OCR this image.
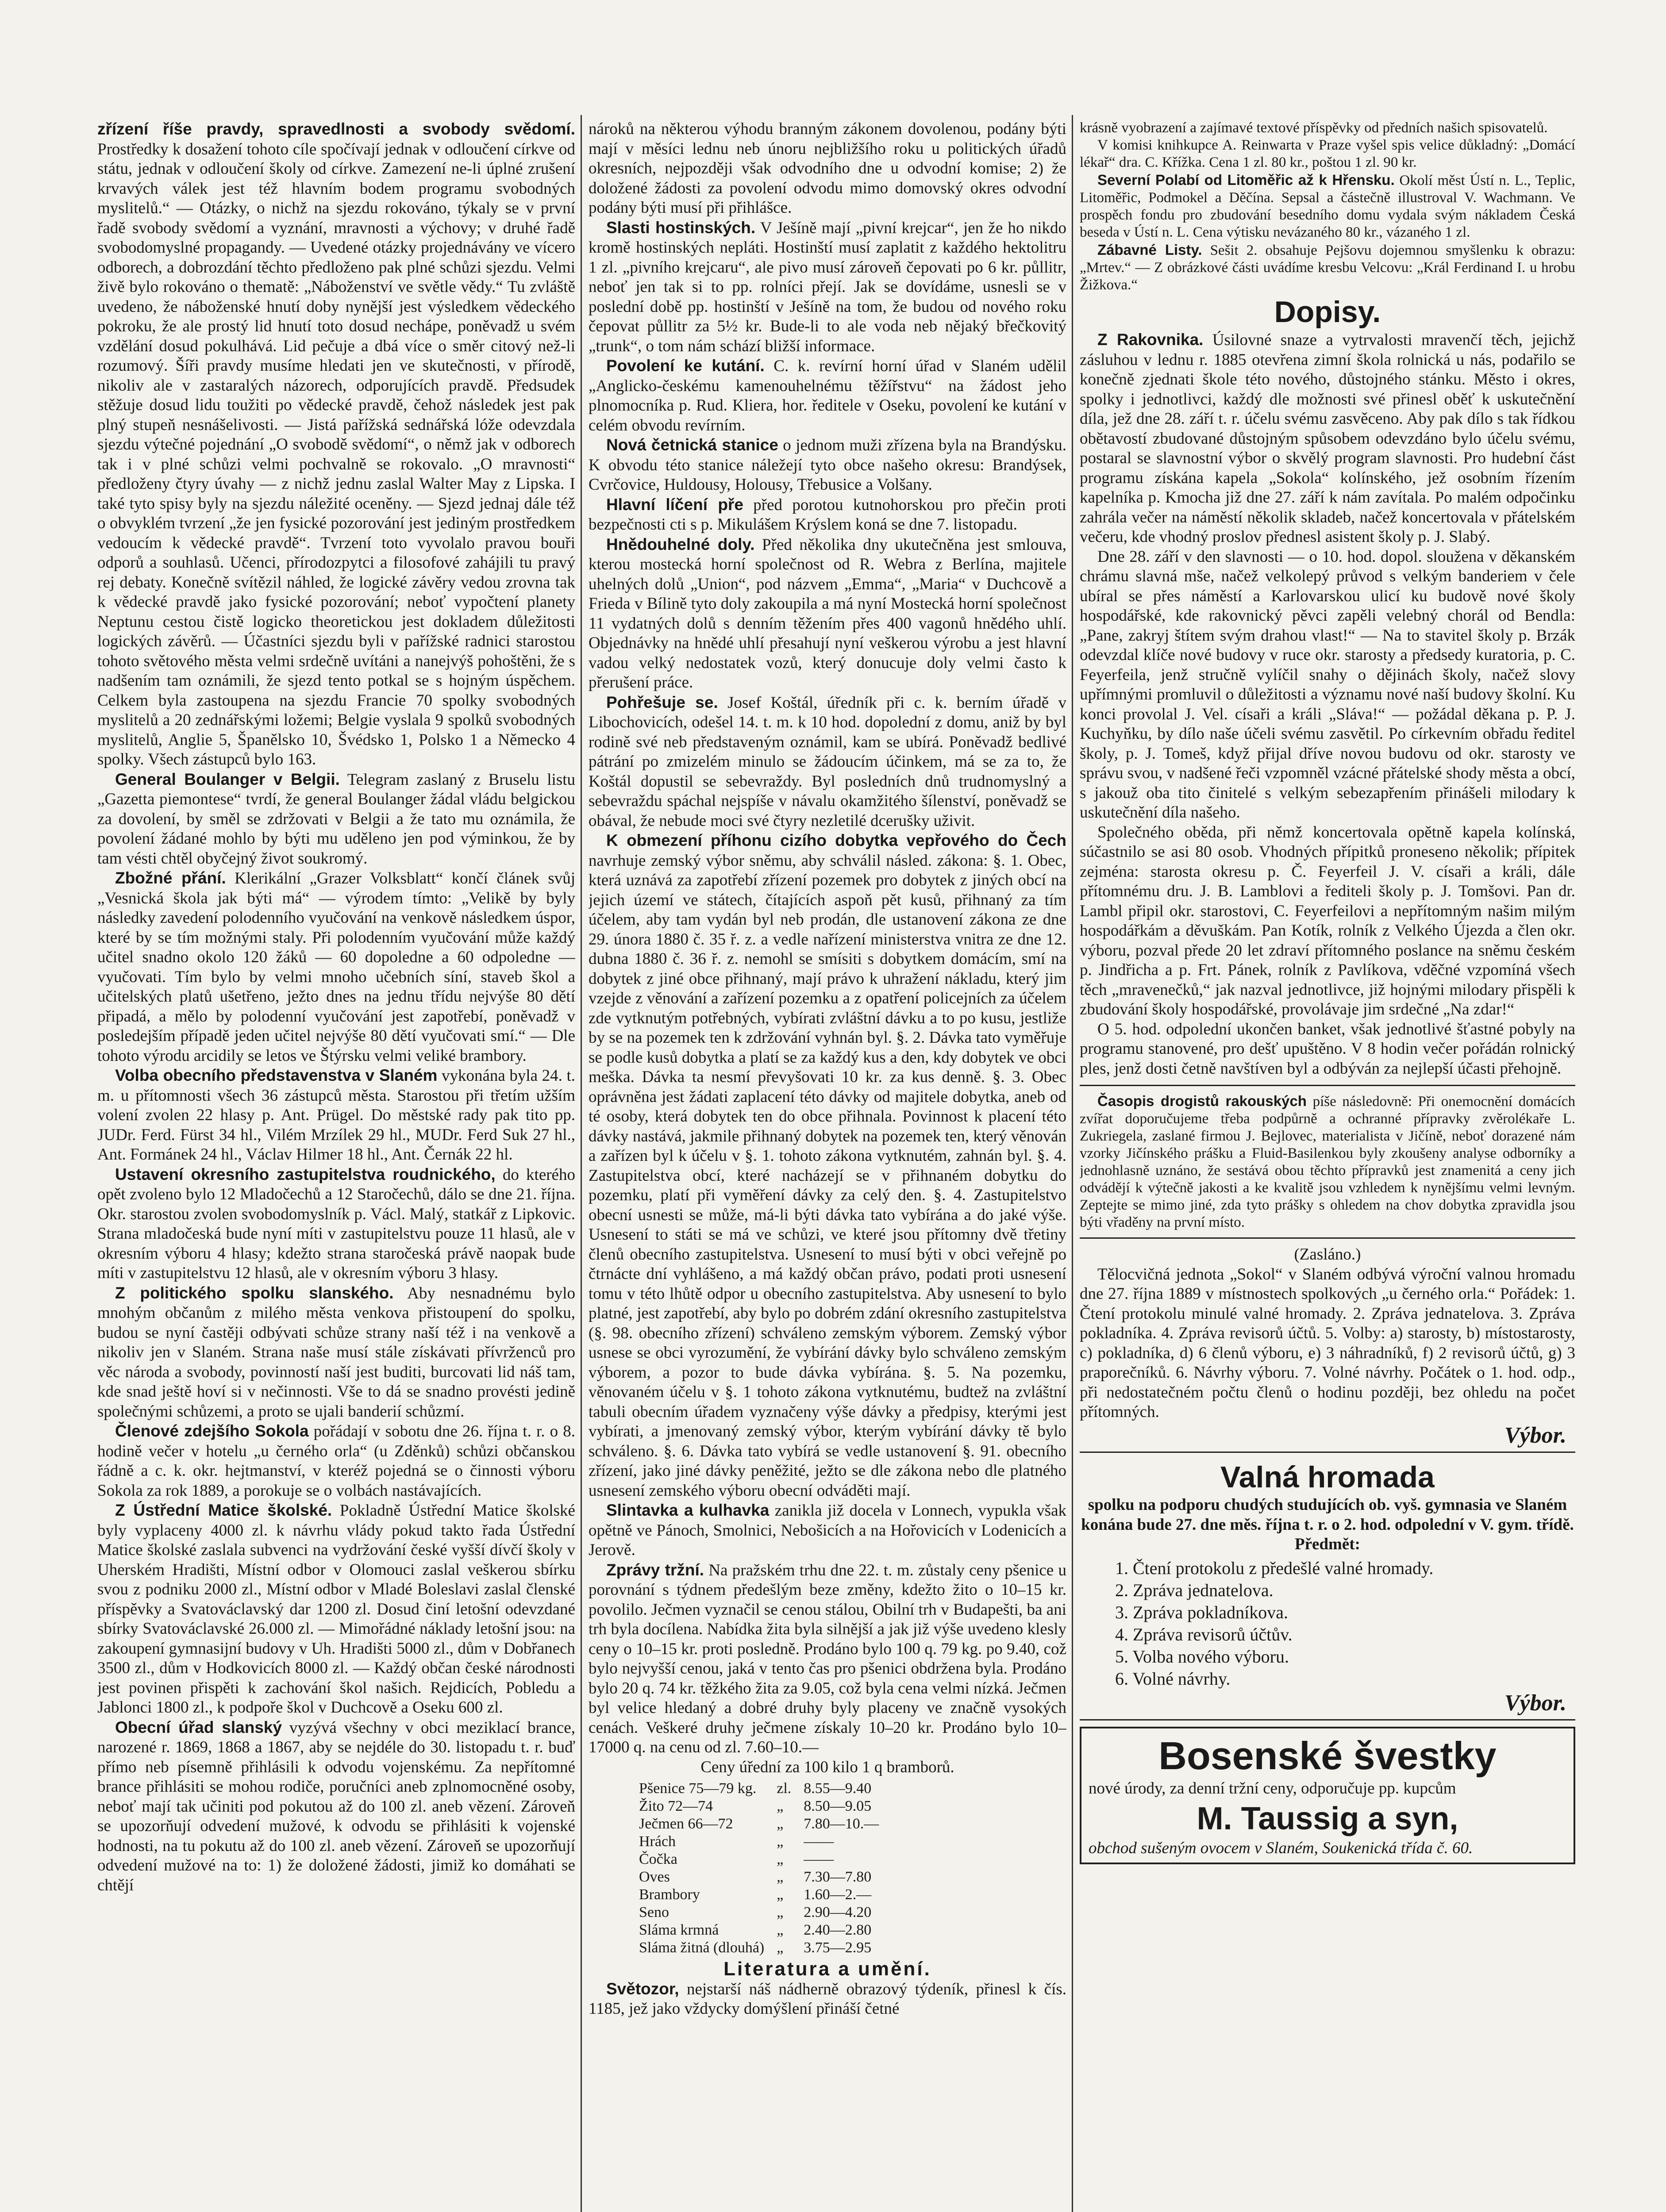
zřízení říše pravdy, spravedlnosti a svobody svědomí. Prostředky k dosažení tohoto cíle spočívají jednak v odloučení církve od státu, jednak v odloučení školy od církve. Zamezení ne-li úplné zrušení krvavých válek jest též hlavním bodem programu svobodných myslitelů.“ — Otázky, o nichž na sjezdu rokováno, týkaly se v první řadě svobody svědomí a vyznání, mravnosti a výchovy; v druhé řadě svobodomyslné propagandy. — Uvedené otázky projednávány ve vícero odborech, a dobrozdání těchto předloženo pak plné schůzi sjezdu. Velmi živě bylo rokováno o thematě: „Náboženství ve světle vědy.“ Tu zvláště uvedeno, že náboženské hnutí doby nynější jest výsledkem vědeckého pokroku, že ale prostý lid hnutí toto dosud nechápe, poněvadž u svém vzdělání dosud pokulhává. Lid pečuje a dbá více o směr citový než-li rozumový. Šíři pravdy musíme hledati jen ve skutečnosti, v přírodě, nikoliv ale v zastaralých názorech, odporujících pravdě. Předsudek stěžuje dosud lidu toužiti po vědecké pravdě, čehož následek jest pak plný stupeň nesnášelivosti. — Jistá pařížská sednářská lóže odevzdala sjezdu výtečné pojednání „O svobodě svědomí“, o němž jak v odborech tak i v plné schůzi velmi pochvalně se rokovalo. „O mravnosti“ předloženy čtyry úvahy — z nichž jednu zaslal Walter May z Lipska. I také tyto spisy byly na sjezdu náležité oceněny. — Sjezd jednaj dále též o obvyklém tvrzení „že jen fysické pozorování jest jediným prostředkem vedoucím k vědecké pravdě“. Tvrzení toto vyvolalo pravou bouři odporů a souhlasů. Učenci, přírodozpytci a filosofové zahájili tu pravý rej debaty. Konečně svítězil náhled, že logické závěry vedou zrovna tak k vědecké pravdě jako fysické pozorování; neboť vypočtení planety Neptunu cestou čistě logicko theoretickou jest dokladem důležitosti logických závěrů. — Účastníci sjezdu byli v pařížské radnici starostou tohoto světového města velmi srdečně uvítáni a nanejvýš pohoštěni, že s nadšením tam oznámili, že sjezd tento potkal se s hojným úspěchem. Celkem byla zastoupena na sjezdu Francie 70 spolky svobodných myslitelů a 20 zednářskými ložemi; Belgie vyslala 9 spolků svobodných myslitelů, Anglie 5, Španělsko 10, Švédsko 1, Polsko 1 a Německo 4 spolky. Všech zástupců bylo 163.

General Boulanger v Belgii. Telegram zaslaný z Bruselu listu „Gazetta piemontese“ tvrdí, že general Boulanger žádal vládu belgickou za dovolení, by směl se zdržovati v Belgii a že tato mu oznámila, že povolení žádané mohlo by býti mu uděleno jen pod výminkou, že by tam vésti chtěl obyčejný život soukromý.

Zbožné přání. Klerikální „Grazer Volksblatt“ končí článek svůj „Vesnická škola jak býti má“ — výrodem tímto: „Velikě by byly následky zavedení polodenního vyučování na venkově následkem úspor, které by se tím možnými staly. Při polodenním vyučování může každý učitel snadno okolo 120 žáků — 60 dopoledne a 60 odpoledne — vyučovati. Tím bylo by velmi mnoho učebních síní, staveb škol a učitelských platů ušetřeno, ježto dnes na jednu třídu nejvýše 80 dětí připadá, a mělo by polodenní vyučování jest zapotřebí, poněvadž v posledejším případě jeden učitel nejvýše 80 dětí vyučovati smí.“ — Dle tohoto výrodu arcidily se letos ve Štýrsku velmi veliké brambory.

Volba obecního představenstva v Slaném vykonána byla 24. t. m. u přítomnosti všech 36 zástupců města. Starostou při třetím užším volení zvolen 22 hlasy p. Ant. Prügel. Do městské rady pak tito pp. JUDr. Ferd. Fürst 34 hl., Vilém Mrzílek 29 hl., MUDr. Ferd Suk 27 hl., Ant. Formánek 24 hl., Václav Hilmer 18 hl., Ant. Černák 22 hl.

Ustavení okresního zastupitelstva roudnického, do kterého opět zvoleno bylo 12 Mladočechů a 12 Staročechů, dálo se dne 21. října. Okr. starostou zvolen svobodomyslník p. Václ. Malý, statkář z Lipkovic. Strana mladočeská bude nyní míti v zastupitelstvu pouze 11 hlasů, ale v okresním výboru 4 hlasy; kdežto strana staročeská právě naopak bude míti v zastupitelstvu 12 hlasů, ale v okresním výboru 3 hlasy.

Z politického spolku slanského. Aby nesnadnému bylo mnohým občanům z milého města venkova přistoupení do spolku, budou se nyní častěji odbývati schůze strany naší též i na venkově a nikoliv jen v Slaném. Strana naše musí stále získávati přívrženců pro věc národa a svobody, povinností naší jest buditi, burcovati lid náš tam, kde snad ještě hoví si v nečinnosti. Vše to dá se snadno provésti jedině společnými schůzemi, a proto se ujali banderií schůzmí.

Členové zdejšího Sokola pořádají v sobotu dne 26. října t. r. o 8. hodině večer v hotelu „u černého orla“ (u Zděnků) schůzi občanskou řádně a c. k. okr. hejtmanství, v kteréž pojedná se o činnosti výboru Sokola za rok 1889, a porokuje se o volbách nastávajících.

Z Ústřední Matice školské. Pokladně Ústřední Matice školské byly vyplaceny 4000 zl. k návrhu vlády pokud takto řada Ústřední Matice školské zaslala subvenci na vydržování české vyšší dívčí školy v Uherském Hradišti, Místní odbor v Olomouci zaslal veškerou sbírku svou z podniku 2000 zl., Místní odbor v Mladé Boleslavi zaslal členské příspěvky a Svatováclavský dar 1200 zl. Dosud činí letošní odevzdané sbírky Svatováclavské 26.000 zl. — Mimořádné náklady letošní jsou: na zakoupení gymnasijní budovy v Uh. Hradišti 5000 zl., dům v Dobřanech 3500 zl., dům v Hodkovicích 8000 zl. — Každý občan české národnosti jest povinen přispěti k zachování škol našich. Rejdicích, Pobledu a Jablonci 1800 zl., k podpoře škol v Duchcově a Oseku 600 zl.

Obecní úřad slanský vyzývá všechny v obci meziklací brance, narozené r. 1869, 1868 a 1867, aby se nejdéle do 30. listopadu t. r. buď přímo neb písemně přihlásili k odvodu vojenskému. Za nepřítomné brance přihlásiti se mohou rodiče, poručníci aneb zplnomocněné osoby, neboť mají tak učiniti pod pokutou až do 100 zl. aneb vězení. Zároveň se upozorňují odvedení mužové, k odvodu se přihlásiti k vojenské hodnosti, na tu pokutu až do 100 zl. aneb vězení. Zároveň se upozorňují odvedení mužové na to: 1) že doložené žádosti, jimiž ko domáhati se chtějí

nároků na některou výhodu branným zákonem dovolenou, podány býti mají v měsíci lednu neb únoru nejbližšího roku u politických úřadů okresních, nejpozději však odvodního dne u odvodní komise; 2) že doložené žádosti za povolení odvodu mimo domovský okres odvodní podány býti musí při přihlášce.

Slasti hostinských. V Ješíně mají „pivní krejcar“, jen že ho nikdo kromě hostinských nepláti. Hostinští musí zaplatit z každého hektolitru 1 zl. „pivního krejcaru“, ale pivo musí zároveň čepovati po 6 kr. půllitr, neboť jen tak si to pp. rolníci přejí. Jak se dovídáme, usnesli se v poslední době pp. hostinští v Ješíně na tom, že budou od nového roku čepovat půllitr za 5½ kr. Bude-li to ale voda neb nějaký břečkovitý „trunk“, o tom nám schází bližší informace.

Povolení ke kutání. C. k. revírní horní úřad v Slaném udělil „Anglicko-českému kamenouhelnému těžířstvu“ na žádost jeho plnomocníka p. Rud. Kliera, hor. ředitele v Oseku, povolení ke kutání v celém obvodu revírním.

Nová četnická stanice o jednom muži zřízena byla na Brandýsku. K obvodu této stanice náležejí tyto obce našeho okresu: Brandýsek, Cvrčovice, Huldousy, Holousy, Třebusice a Volšany.

Hlavní líčení pře před porotou kutnohorskou pro přečin proti bezpečnosti cti s p. Mikulášem Krýslem koná se dne 7. listopadu.

Hnědouhelné doly. Před několika dny ukutečněna jest smlouva, kterou mostecká horní společnost od R. Webra z Berlína, majitele uhelných dolů „Union“, pod názvem „Emma“, „Maria“ v Duchcově a Frieda v Bílině tyto doly zakoupila a má nyní Mostecká horní společnost 11 vydatných dolů s denním těžením přes 400 vagonů hnědého uhlí. Objednávky na hnědé uhlí přesahují nyní veškerou výrobu a jest hlavní vadou velký nedostatek vozů, který donucuje doly velmi často k přerušení práce.

Pohřešuje se. Josef Koštál, úředník při c. k. berním úřadě v Libochovicích, odešel 14. t. m. k 10 hod. dopolední z domu, aniž by byl rodině své neb představeným oznámil, kam se ubírá. Poněvadž bedlivé pátrání po zmizelém minulo se žádoucím účinkem, má se za to, že Koštál dopustil se sebevraždy. Byl posledních dnů trudnomyslný a sebevraždu spáchal nejspíše v návalu okamžitého šílenství, poněvadž se obával, že nebude moci své čtyry nezletilé dcerušky uživit.

K obmezení příhonu cizího dobytka vepřového do Čech navrhuje zemský výbor sněmu, aby schválil násled. zákona: §. 1. Obec, která uznává za zapotřebí zřízení pozemek pro dobytek z jiných obcí na jejich území ve státech, čítajících aspoň pět kusů, přihnaný za tím účelem, aby tam vydán byl neb prodán, dle ustanovení zákona ze dne 29. února 1880 č. 35 ř. z. a vedle nařízení ministerstva vnitra ze dne 12. dubna 1880 č. 36 ř. z. nemohl se smísiti s dobytkem domácím, smí na dobytek z jiné obce přihnaný, mají právo k uhražení nákladu, který jim vzejde z věnování a zařízení pozemku a z opatření policejních za účelem zde vytknutým potřebných, vybírati zvláštní dávku a to po kusu, jestliže by se na pozemek ten k zdržování vyhnán byl. §. 2. Dávka tato vyměřuje se podle kusů dobytka a platí se za každý kus a den, kdy dobytek ve obci meška. Dávka ta nesmí převyšovati 10 kr. za kus denně. §. 3. Obec oprávněna jest žádati zaplacení této dávky od majitele dobytka, aneb od té osoby, která dobytek ten do obce přihnala. Povinnost k placení této dávky nastává, jakmile přihnaný dobytek na pozemek ten, který věnován a zařízen byl k účelu v §. 1. tohoto zákona vytknutém, zahnán byl. §. 4. Zastupitelstva obcí, které nacházejí se v přihnaném dobytku do pozemku, platí při vyměření dávky za celý den. §. 4. Zastupitelstvo obecní usnesti se může, má-li býti dávka tato vybírána a do jaké výše. Usnesení to státi se má ve schůzi, ve které jsou přítomny dvě třetiny členů obecního zastupitelstva. Usnesení to musí býti v obci veřejně po čtrnácte dní vyhlášeno, a má každý občan právo, podati proti usnesení tomu v této lhůtě odpor u obecního zastupitelstva. Aby usnesení to bylo platné, jest zapotřebí, aby bylo po dobrém zdání okresního zastupitelstva (§. 98. obecního zřízení) schváleno zemským výborem. Zemský výbor usnese se obci vyrozumění, že vybírání dávky bylo schváleno zemským výborem, a pozor to bude dávka vybírána. §. 5. Na pozemku, věnovaném účelu v §. 1 tohoto zákona vytknutému, budtež na zvláštní tabuli obecním úřadem vyznačeny výše dávky a předpisy, kterými jest vybírati, a jmenovaný zemský výbor, kterým vybírání dávky tě bylo schváleno. §. 6. Dávka tato vybírá se vedle ustanovení §. 91. obecního zřízení, jako jiné dávky peněžité, ježto se dle zákona nebo dle platného usnesení zemského výboru obecní odváděti mají.

Slintavka a kulhavka zanikla již docela v Lonnech, vypukla však opětně ve Pánoch, Smolnici, Nebošicích a na Hořovicích v Lodenicích a Jerově.

Zprávy tržní. Na pražském trhu dne 22. t. m. zůstaly ceny pšenice u porovnání s týdnem předešlým beze změny, kdežto žito o 10–15 kr. povolilo. Ječmen vyznačil se cenou stálou, Obilní trh v Budapešti, ba ani trh byla docílena. Nabídka žita byla silnější a jak již výše uvedeno klesly ceny o 10–15 kr. proti posledně. Prodáno bylo 100 q. 79 kg. po 9.40, což bylo nejvyšší cenou, jaká v tento čas pro pšenici obdržena byla. Prodáno bylo 20 q. 74 kr. těžkého žita za 9.05, což byla cena velmi nízká. Ječmen byl velice hledaný a dobré druhy byly placeny ve značně vysokých cenách. Veškeré druhy ječmene získaly 10–20 kr. Prodáno bylo 10–17000 q. na cenu od zl. 7.60–10.—

Ceny úřední za 100 kilo 1 q bramborů.

Pšenice 75—79 kg.	zl.	8.55—9.40
Žito 72—74	„	8.50—9.05
Ječmen 66—72	„	7.80—10.—
Hrách	„	——
Čočka	„	——
Oves	„	7.30—7.80
Brambory	„	1.60—2.—
Seno	„	2.90—4.20
Sláma krmná	„	2.40—2.80
Sláma žitná (dlouhá)	„	3.75—2.95
Literatura a umění.

Světozor, nejstarší náš nádherně obrazový týdeník, přinesl k čís. 1185, jež jako vždycky domýšlení přináší četné

krásně vyobrazení a zajímavé textové příspěvky od předních našich spisovatelů.

V komisi knihkupce A. Reinwarta v Praze vyšel spis velice důkladný: „Domácí lékař“ dra. C. Křížka. Cena 1 zl. 80 kr., poštou 1 zl. 90 kr.

Severní Polabí od Litoměřic až k Hřensku. Okolí měst Ústí n. L., Teplic, Litoměřic, Podmokel a Děčína. Sepsal a částečně illustroval V. Wachmann. Ve prospěch fondu pro zbudování besedního domu vydala svým nákladem Česká beseda v Ústí n. L. Cena výtisku nevázaného 80 kr., vázaného 1 zl.

Zábavné Listy. Sešit 2. obsahuje Pejšovu dojemnou smyšlenku k obrazu: „Mrtev.“ — Z obrázkové části uvádíme kresbu Velcovu: „Král Ferdinand I. u hrobu Žižkova.“

Dopisy.

Z Rakovnika. Úsilovné snaze a vytrvalosti mravenčí těch, jejichž zásluhou v lednu r. 1885 otevřena zimní škola rolnická u nás, podařilo se konečně zjednati škole této nového, důstojného stánku. Město i okres, spolky i jednotlivci, každý dle možnosti své přinesl oběť k uskutečnění díla, jež dne 28. září t. r. účelu svému zasvěceno. Aby pak dílo s tak řídkou obětavostí zbudované důstojným spůsobem odevzdáno bylo účelu svému, postaral se slavnostní výbor o skvělý program slavnosti. Pro hudební část programu získána kapela „Sokola“ kolínského, jež osobním řízením kapelníka p. Kmocha již dne 27. září k nám zavítala. Po malém odpočinku zahrála večer na náměstí několik skladeb, načež koncertovala v přátelském večeru, kde vhodný proslov přednesl asistent školy p. J. Slabý.

Dne 28. září v den slavnosti — o 10. hod. dopol. sloužena v děkanském chrámu slavná mše, načež velkolepý průvod s velkým banderiem v čele ubíral se přes náměstí a Karlovarskou ulicí ku budově nové školy hospodářské, kde rakovnický pěvci zapěli velebný chorál od Bendla: „Pane, zakryj štítem svým drahou vlast!“ — Na to stavitel školy p. Brzák odevzdal klíče nové budovy v ruce okr. starosty a předsedy kuratoria, p. C. Feyerfeila, jenž stručně vylíčil snahy o dějinách školy, načež slovy upřímnými promluvil o důležitosti a významu nové naší budovy školní. Ku konci provolal J. Vel. císaři a králi „Sláva!“ — požádal děkana p. P. J. Kuchyňku, by dílo naše účeli svému zasvětil. Po církevním obřadu ředitel školy, p. J. Tomeš, když přijal dříve novou budovu od okr. starosty ve správu svou, v nadšené řeči vzpomněl vzácné přátelské shody města a obcí, s jakouž oba tito činitelé s velkým sebezapřením přinášeli milodary k uskutečnění díla našeho.

Společného oběda, při němž koncertovala opětně kapela kolínská, súčastnilo se asi 80 osob. Vhodných přípitků proneseno několik; přípitek zejména: starosta okresu p. Č. Feyerfeil J. V. císaři a králi, dále přítomnému dru. J. B. Lamblovi a řediteli školy p. J. Tomšovi. Pan dr. Lambl připil okr. starostovi, C. Feyerfeilovi a nepřítomným našim milým hospodářkám a děvuškám. Pan Kotík, rolník z Velkého Újezda a člen okr. výboru, pozval přede 20 let zdraví přítomného poslance na sněmu českém p. Jindřicha a p. Frt. Pánek, rolník z Pavlíkova, vděčné vzpomíná všech těch „mravenečků,“ jak nazval jednotlivce, již hojnými milodary přispěli k zbudování školy hospodářské, provolávaje jim srdečné „Na zdar!“

O 5. hod. odpolední ukončen banket, však jednotlivé šťastné pobyly na programu stanovené, pro dešť upuštěno. V 8 hodin večer pořádán rolnický ples, jenž dosti četně navštíven byl a odbýván za nejlepší účasti přehojně.

Časopis drogistů rakouských píše následovně: Při onemocnění domácích zvířat doporučujeme třeba podpůrně a ochranné přípravky zvěrolékaře L. Zukriegela, zaslané firmou J. Bejlovec, materialista v Jičíně, neboť dorazené nám vzorky Jičínského prášku a Fluid-Basilenkou byly zkoušeny analyse odborníky a jednohlasně uznáno, že sestává obou těchto přípravků jest znamenitá a ceny jich odvádějí k výtečně jakosti a ke kvalitě jsou vzhledem k nynějšímu velmi levným. Zeptejte se mimo jiné, zda tyto prášky s ohledem na chov dobytka zpravidla jsou býti vřaděny na první místo.

(Zasláno.)

Tělocvičná jednota „Sokol“ v Slaném odbývá výroční valnou hromadu dne 27. října 1889 v místnostech spolkových „u černého orla.“ Pořádek: 1. Čtení protokolu minulé valné hromady. 2. Zpráva jednatelova. 3. Zpráva pokladníka. 4. Zpráva revisorů účtů. 5. Volby: a) starosty, b) místostarosty, c) pokladníka, d) 6 členů výboru, e) 3 náhradníků, f) 2 revisorů účtů, g) 3 praporečníků. 6. Návrhy výboru. 7. Volné návrhy. Počátek o 1. hod. odp., při nedostatečném počtu členů o hodinu později, bez ohledu na počet přítomných.

Výbor.
Valná hromada

spolku na podporu chudých studujících ob. vyš. gymnasia ve Slaném konána bude 27. dne měs. října t. r. o 2. hod. odpolední v V. gym. třídě.

Předmět:

1. Čtení protokolu z předešlé valné hromady.
2. Zpráva jednatelova.
3. Zpráva pokladníkova.
4. Zpráva revisorů účtův.
5. Volba nového výboru.
6. Volné návrhy.
Výbor.
Bosenské švestky

nové úrody, za denní tržní ceny, odporučuje pp. kupcům

M. Taussig a syn,

obchod sušeným ovocem v Slaném, Soukenická třída č. 60.
